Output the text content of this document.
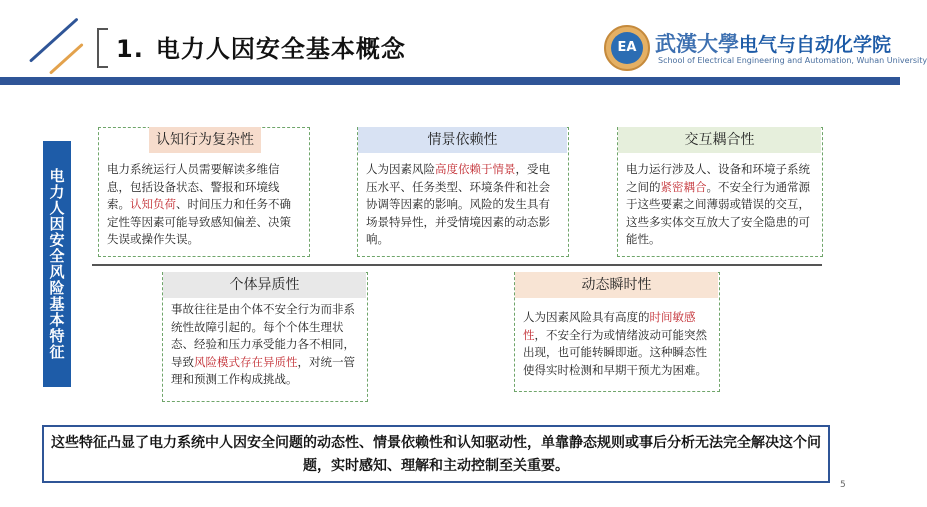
1. 电力人因安全基本概念	EA 武漢大學电气与自动化学院
School of Electrical Engineering and Automation, Wuhan University
电力人因安全风险基本特征
认知行为复杂性
电力系统运行人员需要解读多维信息，包括设备状态、警报和环境线索。认知负荷、时间压力和任务不确定性等因素可能导致感知偏差、决策失误或操作失误。
情景依赖性
人为因素风险高度依赖于情景，受电压水平、任务类型、环境条件和社会协调等因素的影响。风险的发生具有场景特异性，并受情境因素的动态影响。
交互耦合性
电力运行涉及人、设备和环境子系统之间的紧密耦合。不安全行为通常源于这些要素之间薄弱或错误的交互，这些多实体交互放大了安全隐患的可能性。
个体异质性
事故往往是由个体不安全行为而非系统性故障引起的。每个个体生理状态、经验和压力承受能力各不相同，导致风险模式存在异质性，对统一管理和预测工作构成挑战。
动态瞬时性
人为因素风险具有高度的时间敏感性，不安全行为或情绪波动可能突然出现，也可能转瞬即逝。这种瞬态性使得实时检测和早期干预尤为困难。
这些特征凸显了电力系统中人因安全问题的动态性、情景依赖性和认知驱动性，单靠静态规则或事后分析无法完全解决这个问题，实时感知、理解和主动控制至关重要。
5
